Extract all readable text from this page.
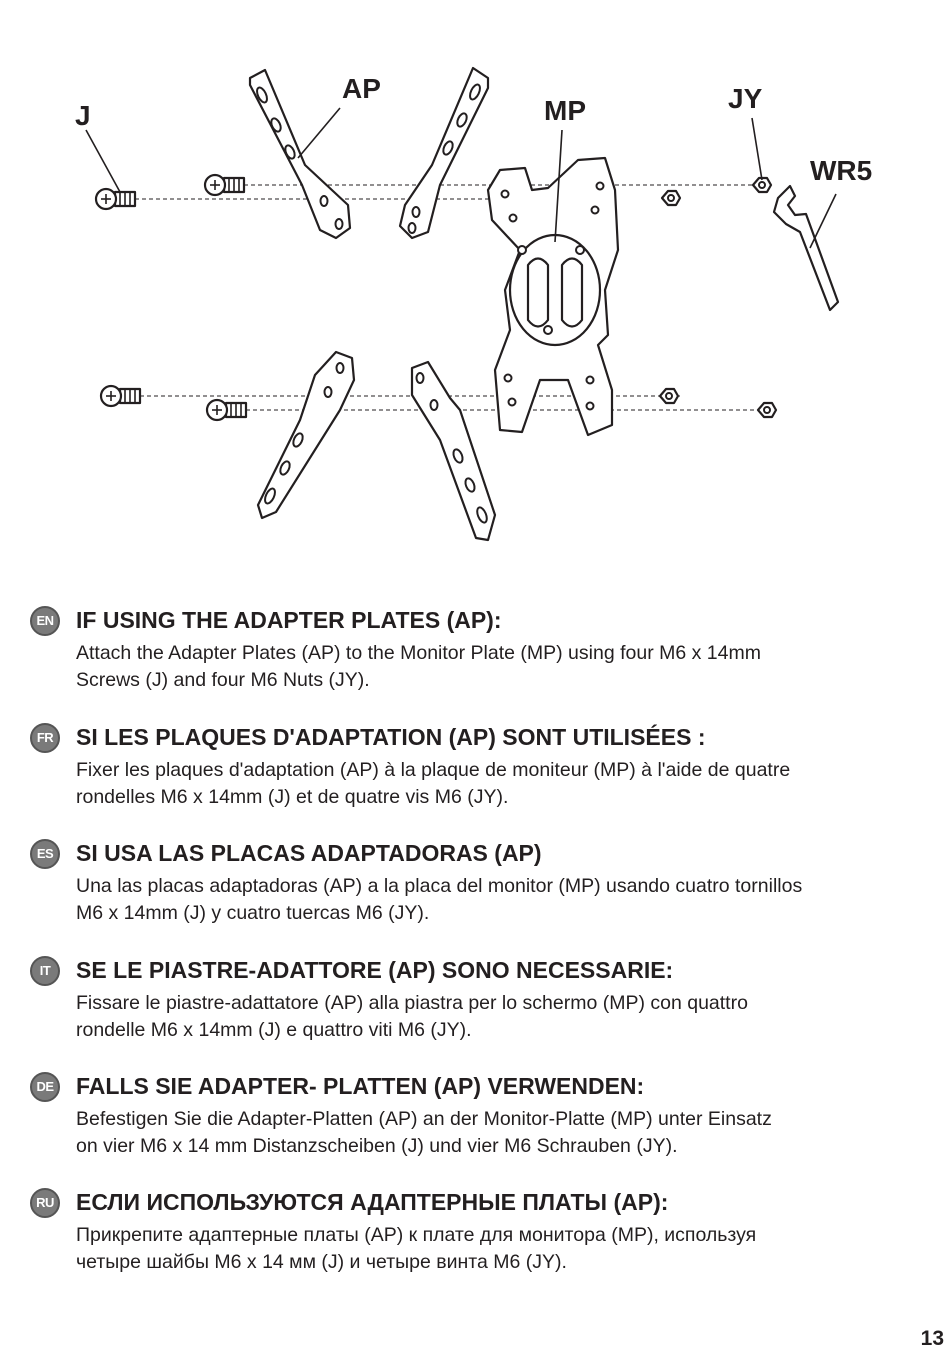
J
AP
MP	JY
WR5
EN IF USING THE ADAPTER PLATES (AP):
Attach the Adapter Plates (AP) to the Monitor Plate (MP) using four M6 x 14mm
Screws (J) and four M6 Nuts (JY).
FR SI LES PLAQUES D'ADAPTATION (AP) SONT UTILISÉES :
Fixer les plaques d'adaptation (AP) à la plaque de moniteur (MP) à l'aide de quatre
rondelles M6 x 14mm (J) et de quatre vis M6 (JY).
ES SI USA LAS PLACAS ADAPTADORAS (AP)
Una las placas adaptadoras (AP) a la placa del monitor (MP) usando cuatro tornillos
M6 x 14mm (J) y cuatro tuercas M6 (JY).
IT	SE LE PIASTRE-ADATTORE (AP) SONO NECESSARIE:
Fissare le piastre-adattatore (AP) alla piastra per lo schermo (MP) con quattro
rondelle M6 x 14mm (J) e quattro viti M6 (JY).
DE FALLS SIE ADAPTER- PLATTEN (AP) VERWENDEN:
Befestigen Sie die Adapter-Platten (AP) an der Monitor-Platte (MP) unter Einsatz
on vier M6 x 14 mm Distanzscheiben (J) und vier M6 Schrauben (JY).
RU ЕСЛИ ИСПОЛЬЗУЮТСЯ АДАПТЕРНЫЕ ПЛАТЫ (AP):
Прикрепите адаптерные платы (AP) к плате для монитора (MP), используя
четыре шайбы M6 x 14 мм (J) и четыре винта M6 (JY).
13
